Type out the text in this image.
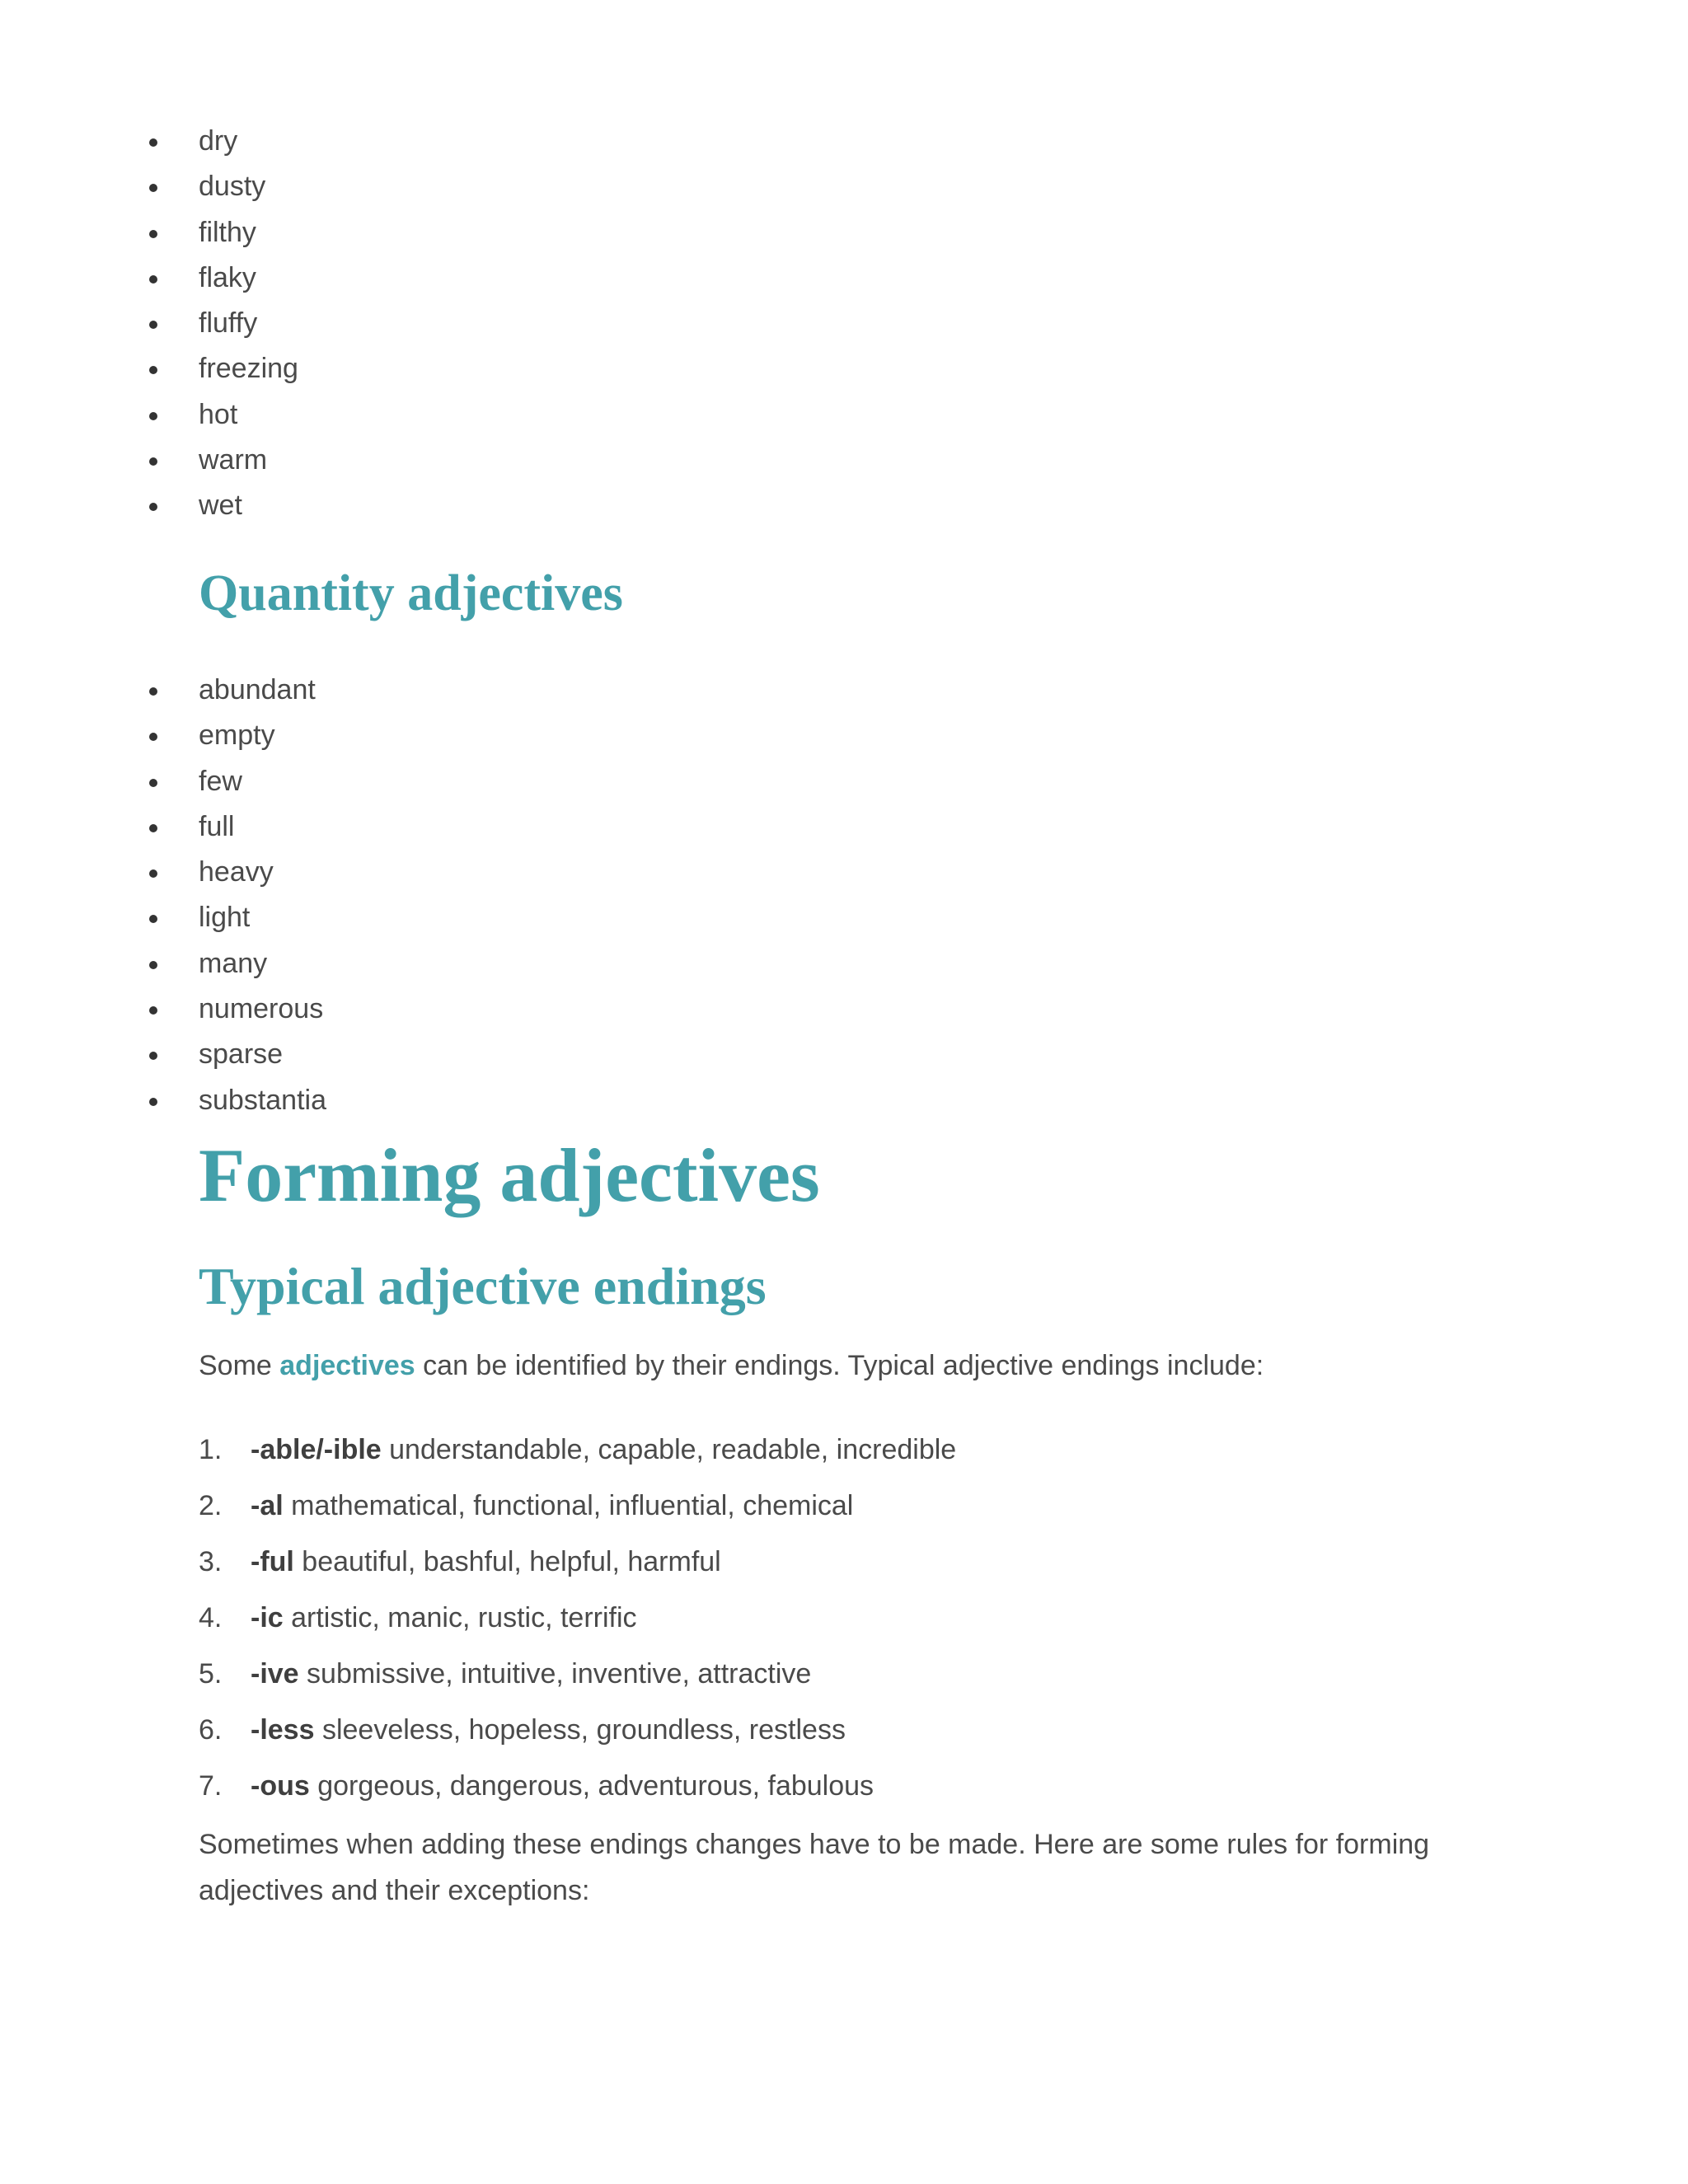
dry
dusty
filthy
flaky
fluffy
freezing
hot
warm
wet
Quantity adjectives
abundant
empty
few
full
heavy
light
many
numerous
sparse
substantia
Forming adjectives
Typical adjective endings

Some adjectives can be identified by their endings. Typical adjective endings include:

1. -able/-ible understandable, capable, readable, incredible
2. -al mathematical, functional, influential, chemical
3. -ful beautiful, bashful, helpful, harmful
4. -ic artistic, manic, rustic, terrific
5. -ive submissive, intuitive, inventive, attractive
6. -less sleeveless, hopeless, groundless, restless
7. -ous gorgeous, dangerous, adventurous, fabulous

Sometimes when adding these endings changes have to be made. Here are some rules for forming adjectives and their exceptions:
